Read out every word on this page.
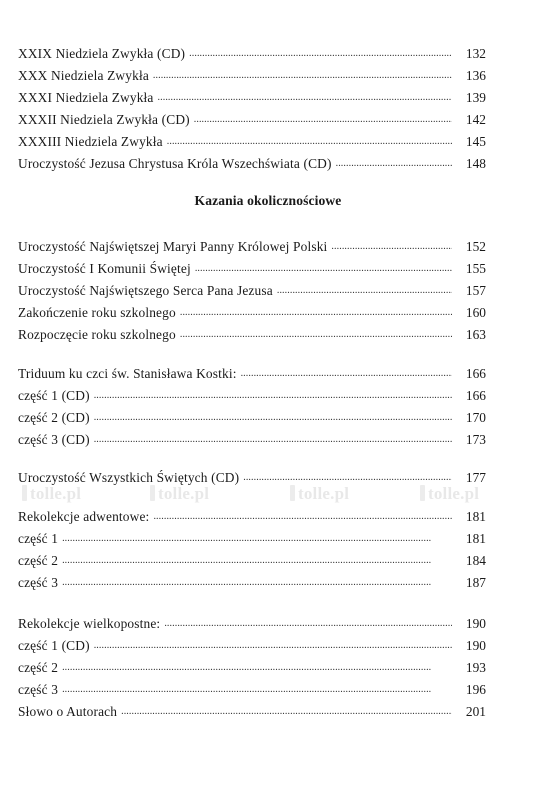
XXIX Niedziela Zwykła (CD) . . .	132
XXX Niedziela Zwykła . . .	136
XXXI Niedziela Zwykła . . .	139
XXXII Niedziela Zwykła (CD) . . .	142
XXXIII Niedziela Zwykła . . .	145
Uroczystość Jezusa Chrystusa Króla Wszechświata (CD) . . .	148
Uroczystość Najświętszej Maryi Panny Królowej Polski . . .	152
Uroczystość I Komunii Świętej . . .	155
Uroczystość Najświętszego Serca Pana Jezusa . . .	157
Zakończenie roku szkolnego . . .	160
Rozpoczęcie roku szkolnego . . .	163
Triduum ku czci św. Stanisława Kostki: . . .	166
część 1 (CD) . . .	166
część 2 (CD) . . .	170
część 3 (CD) . . .	173
Uroczystość Wszystkich Świętych (CD) . . .	177
Rekolekcje adwentowe: . . .	181
część 1 . . .	181
część 2 . . .	184
część 3 . . .	187
Rekolekcje wielkopostne: . . .	190
część 1 (CD) . . .	190
część 2 . . .	193
część 3 . . .	196
Słowo o Autorach . . .	201
Kazania okolicznościowe
tolle.pl	tolle.pl	tolle.pl	tolle.pl
